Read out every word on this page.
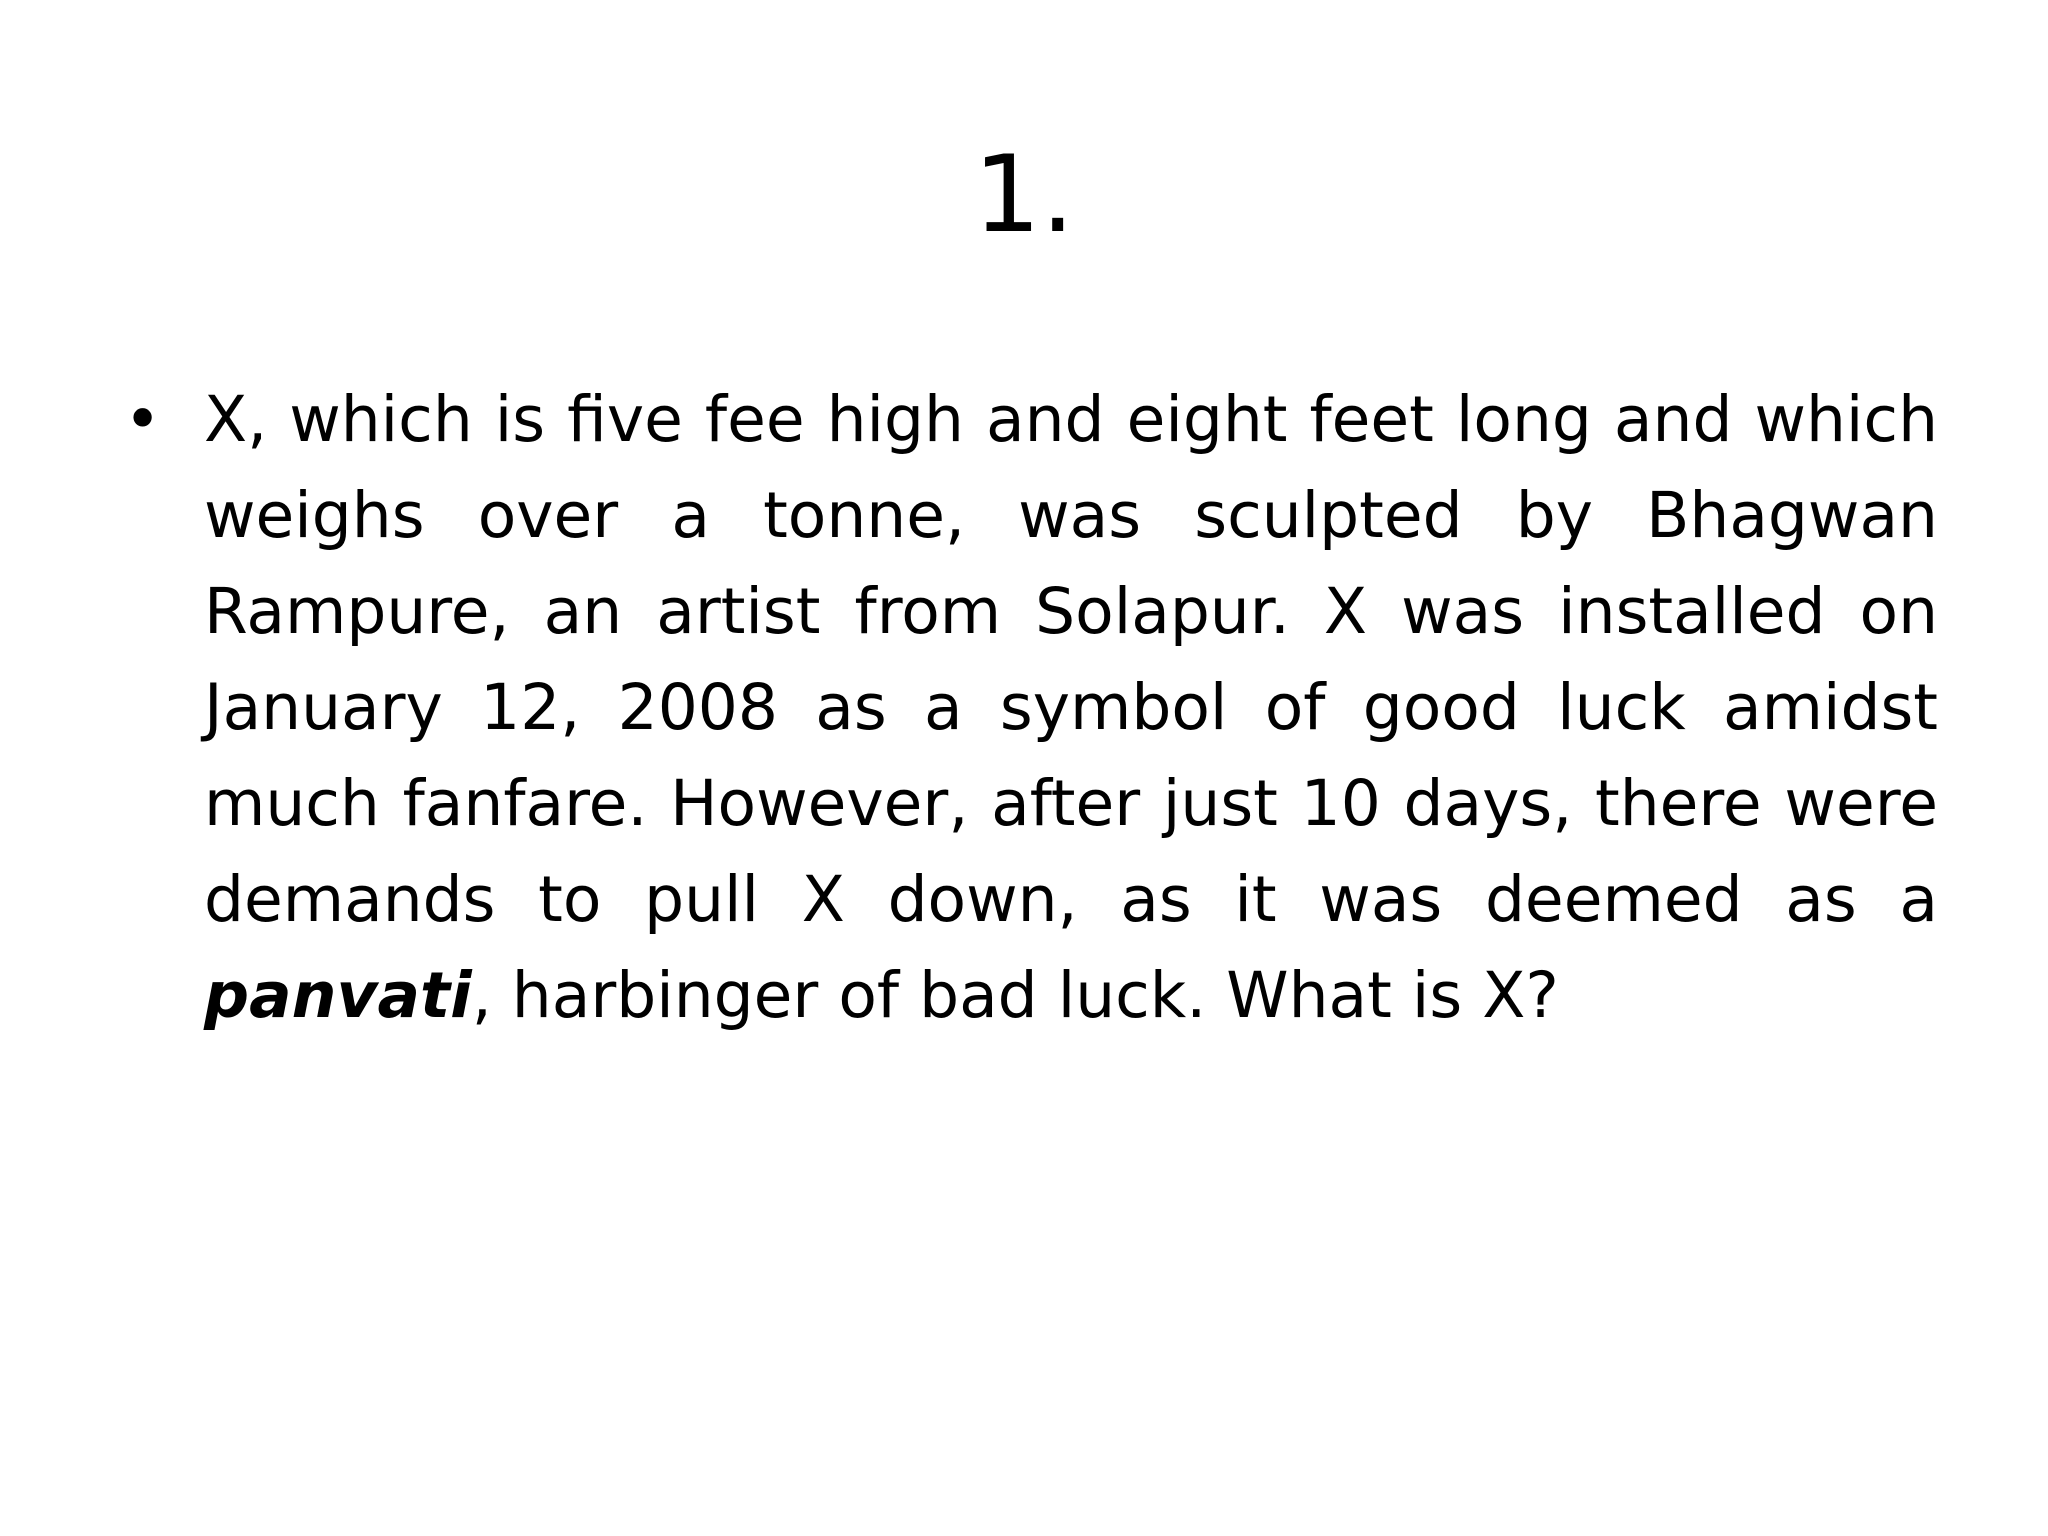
1.
• X, which is five fee high and eight feet long and which weighs over a tonne, was sculpted by Bhagwan Rampure, an artist from Solapur. X was installed on January 12, 2008 as a symbol of good luck amidst much fanfare. However, after just 10 days, there were demands to pull X down, as it was deemed as a panvati, harbinger of bad luck. What is X?
